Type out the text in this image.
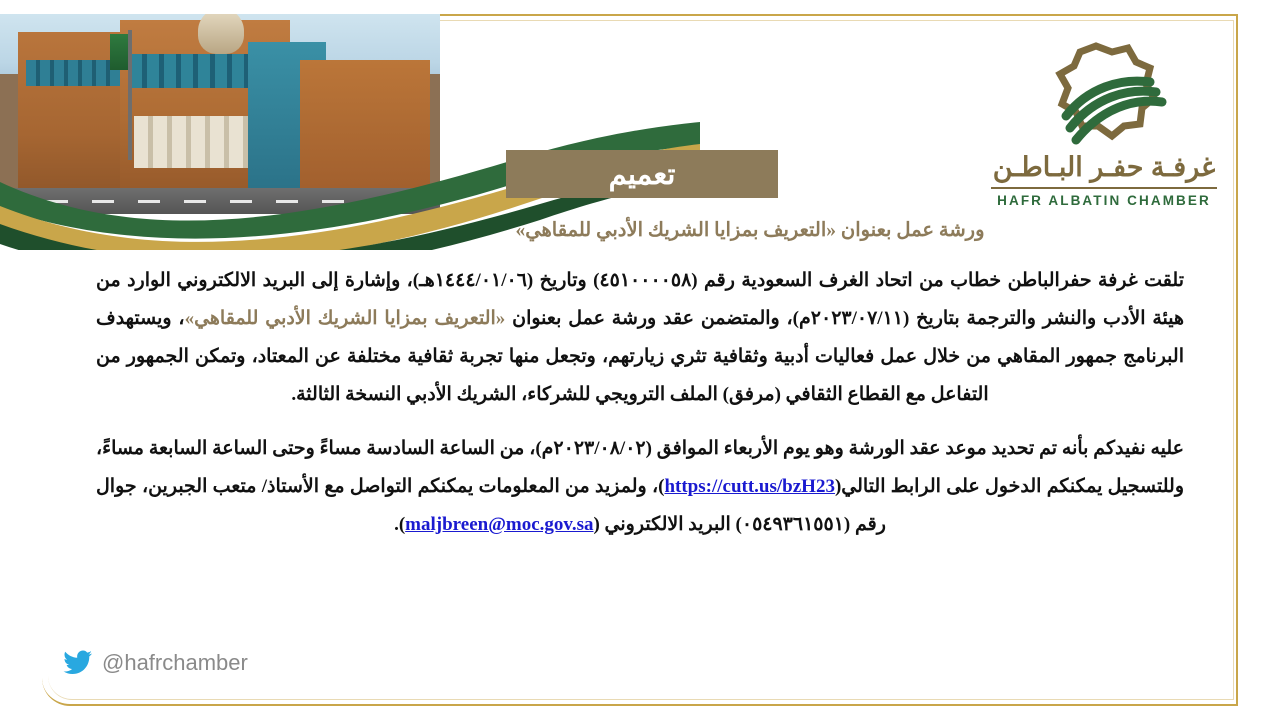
غرفـة حفـر البـاطـن
HAFR ALBATIN CHAMBER
تعميم
ورشة عمل بعنوان «التعريف بمزايا الشريك الأدبي للمقاهي»
تلقت غرفة حفرالباطن خطاب من اتحاد الغرف السعودية رقم (٤٥١٠٠٠٠٥٨) وتاريخ (١٤٤٤/٠١/٠٦هـ)، وإشارة إلى البريد الالكتروني الوارد من هيئة الأدب والنشر والترجمة بتاريخ (٢٠٢٣/٠٧/١١م)، والمتضمن عقد ورشة عمل بعنوان «التعريف بمزايا الشريك الأدبي للمقاهي»، ويستهدف البرنامج جمهور المقاهي من خلال عمل فعاليات أدبية وثقافية تثري زيارتهم، وتجعل منها تجربة ثقافية مختلفة عن المعتاد، وتمكن الجمهور من التفاعل مع القطاع الثقافي (مرفق) الملف الترويجي للشركاء، الشريك الأدبي النسخة الثالثة.
عليه نفيدكم بأنه تم تحديد موعد عقد الورشة وهو يوم الأربعاء الموافق (٢٠٢٣/٠٨/٠٢م)، من الساعة السادسة مساءً وحتى الساعة السابعة مساءً، وللتسجيل يمكنكم الدخول على الرابط التالي(https://cutt.us/bzH23)، ولمزيد من المعلومات يمكنكم التواصل مع الأستاذ/ متعب الجبرين، جوال رقم (٠٥٤٩٣٦١٥٥١) البريد الالكتروني (maljbreen@moc.gov.sa).
@hafrchamber
